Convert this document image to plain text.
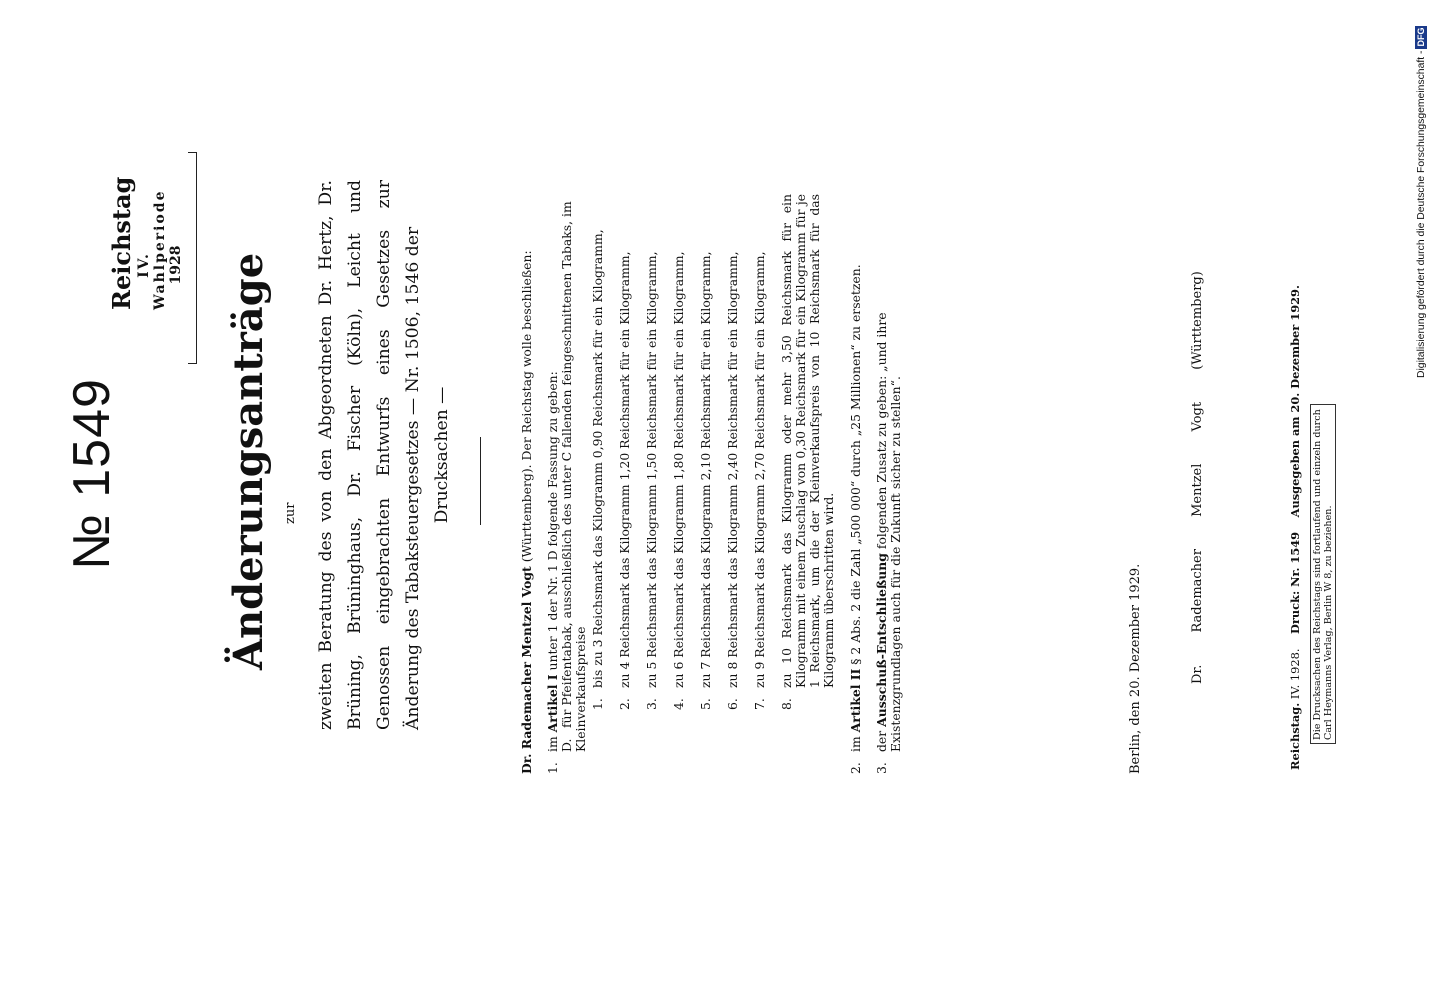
№ 1549
Reichstag IV. Wahlperiode 1928 Änderungsanträge zur zweiten Beratung des von den Abgeordneten Dr. Hertz, Dr. Brüning, Brüninghaus, Dr. Fischer (Köln), Leicht und Genossen eingebrachten Entwurfs eines Gesetzes zur Änderung des Tabaksteuergesetzes — Nr. 1506, 1546 der Drucksachen —

Dr. Rademacher Mentzel Vogt (Württemberg). Der Reichstag wolle beschließen:

1.
im Artikel I unter 1 der Nr. 1 D folgende Fassung zu geben:
D. für Pfeifentabak, ausschließlich des unter C fallenden feingeschnittenen Tabaks, im Kleinverkaufspreise 1.
bis zu 3 Reichsmark das Kilogramm 0,90 Reichsmark für ein Kilogramm,
2.
zu 4 Reichsmark das Kilogramm 1,20 Reichsmark für ein Kilogramm,
3.
zu 5 Reichsmark das Kilogramm 1,50 Reichsmark für ein Kilogramm,
4.
zu 6 Reichsmark das Kilogramm 1,80 Reichsmark für ein Kilogramm,
5.
zu 7 Reichsmark das Kilogramm 2,10 Reichsmark für ein Kilogramm,
6.
zu 8 Reichsmark das Kilogramm 2,40 Reichsmark für ein Kilogramm,
7.
zu 9 Reichsmark das Kilogramm 2,70 Reichsmark für ein Kilogramm,
8.
zu 10 Reichsmark das Kilogramm oder mehr 3,50 Reichsmark für ein Kilogramm mit einem Zuschlag von 0,30 Reichsmark für ein Kilogramm für je 1 Reichsmark, um die der Kleinverkaufspreis von 10 Reichsmark für das Kilogramm überschritten wird.
2.
im Artikel II § 2 Abs. 2 die Zahl „500 000“ durch „25 Millionen“ zu ersetzen.
3.
der Ausschuß-Entschließung folgenden Zusatz zu geben: „und ihre Existenzgrundlagen auch für die Zukunft sicher zu stellen“.	Berlin, den 20. Dezember 1929.	Dr. Rademacher Mentzel Vogt (Württemberg)
Reichstag. IV. 1928.    Druck: Nr. 1549    Ausgegeben am 20. Dezember 1929.
Die Drucksachen des Reichstags sind fortlaufend und einzeln durch Carl Heymanns Verlag, Berlin W 8, zu beziehen.
Digitalisierung gefördert durch die Deutsche Forschungsgemeinschaft -DFG
